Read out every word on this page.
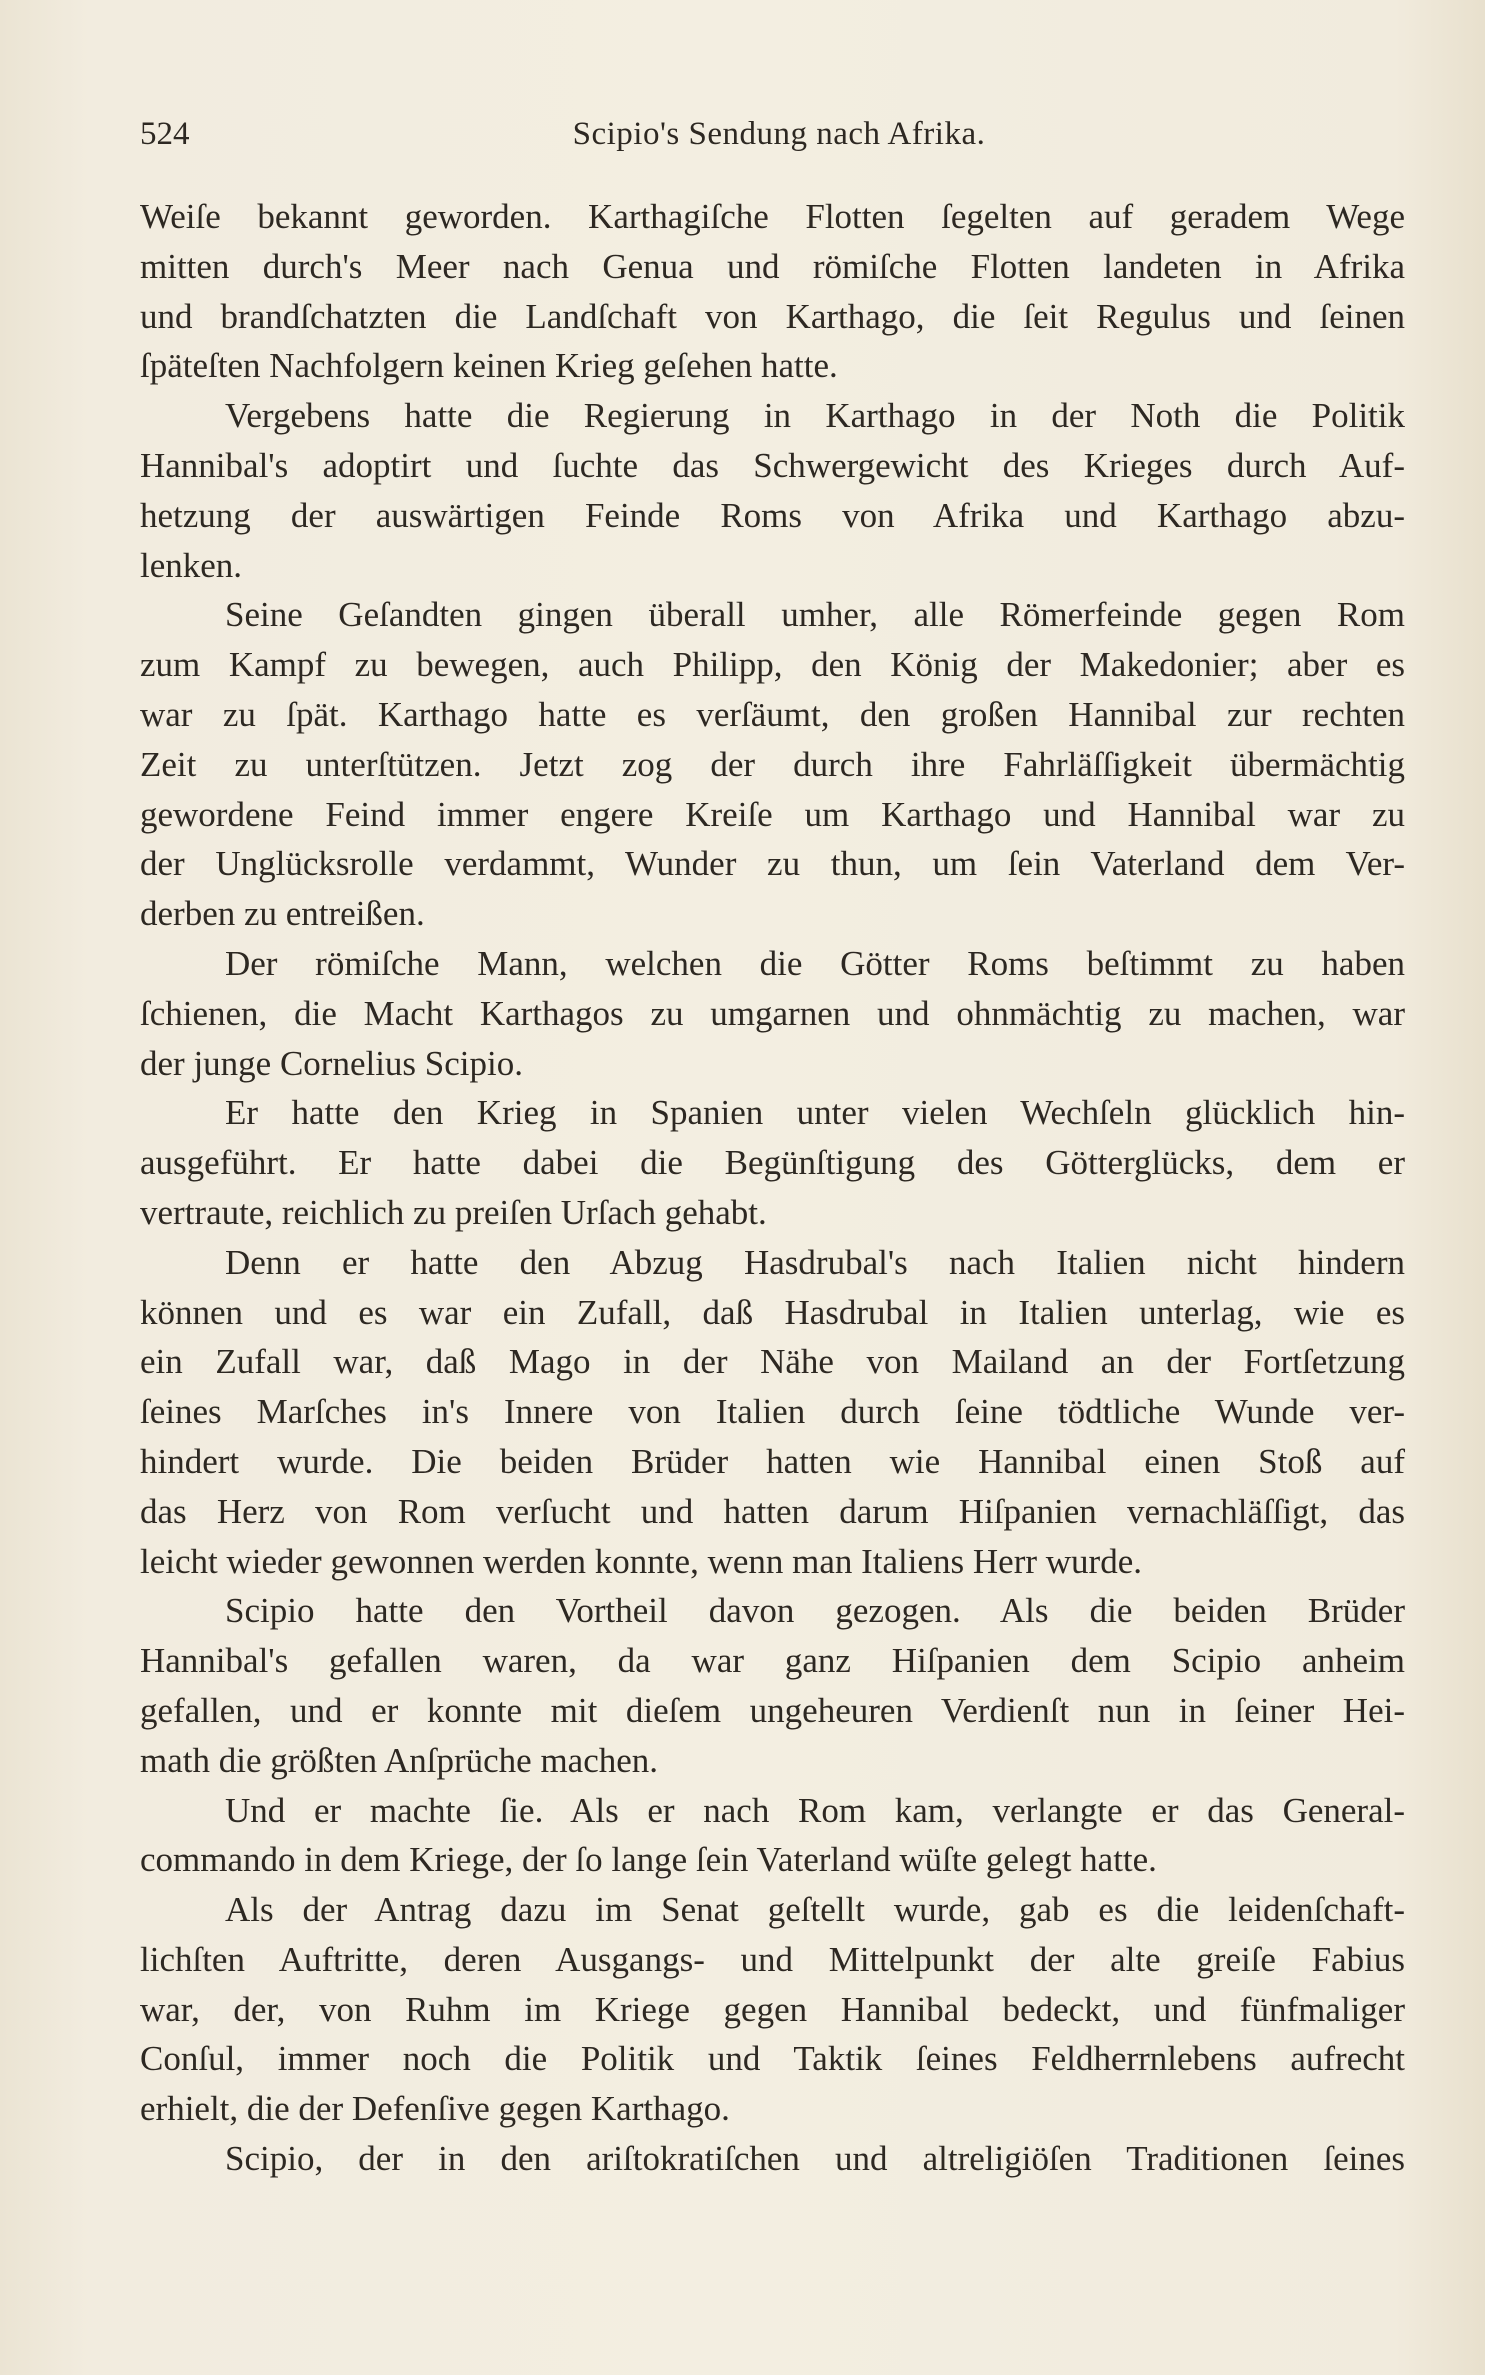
524	Scipio's Sendung nach Afrika.
Weiſe bekannt geworden. Karthagiſche Flotten ſegelten auf geradem Wege
mitten durch's Meer nach Genua und römiſche Flotten landeten in Afrika
und brandſchatzten die Landſchaft von Karthago, die ſeit Regulus und ſeinen
ſpäteſten Nachfolgern keinen Krieg geſehen hatte.
Vergebens hatte die Regierung in Karthago in der Noth die Politik
Hannibal's adoptirt und ſuchte das Schwergewicht des Krieges durch Auf-
hetzung der auswärtigen Feinde Roms von Afrika und Karthago abzu-
lenken.
Seine Geſandten gingen überall umher, alle Römerfeinde gegen Rom
zum Kampf zu bewegen, auch Philipp, den König der Makedonier; aber es
war zu ſpät. Karthago hatte es verſäumt, den großen Hannibal zur rechten
Zeit zu unterſtützen. Jetzt zog der durch ihre Fahrläſſigkeit übermächtig
gewordene Feind immer engere Kreiſe um Karthago und Hannibal war zu
der Unglücksrolle verdammt, Wunder zu thun, um ſein Vaterland dem Ver-
derben zu entreißen.
Der römiſche Mann, welchen die Götter Roms beſtimmt zu haben
ſchienen, die Macht Karthagos zu umgarnen und ohnmächtig zu machen, war
der junge Cornelius Scipio.
Er hatte den Krieg in Spanien unter vielen Wechſeln glücklich hin-
ausgeführt. Er hatte dabei die Begünſtigung des Götterglücks, dem er
vertraute, reichlich zu preiſen Urſach gehabt.
Denn er hatte den Abzug Hasdrubal's nach Italien nicht hindern
können und es war ein Zufall, daß Hasdrubal in Italien unterlag, wie es
ein Zufall war, daß Mago in der Nähe von Mailand an der Fortſetzung
ſeines Marſches in's Innere von Italien durch ſeine tödtliche Wunde ver-
hindert wurde. Die beiden Brüder hatten wie Hannibal einen Stoß auf
das Herz von Rom verſucht und hatten darum Hiſpanien vernachläſſigt, das
leicht wieder gewonnen werden konnte, wenn man Italiens Herr wurde.
Scipio hatte den Vortheil davon gezogen. Als die beiden Brüder
Hannibal's gefallen waren, da war ganz Hiſpanien dem Scipio anheim
gefallen, und er konnte mit dieſem ungeheuren Verdienſt nun in ſeiner Hei-
math die größten Anſprüche machen.
Und er machte ſie. Als er nach Rom kam, verlangte er das General-
commando in dem Kriege, der ſo lange ſein Vaterland wüſte gelegt hatte.
Als der Antrag dazu im Senat geſtellt wurde, gab es die leidenſchaft-
lichſten Auftritte, deren Ausgangs- und Mittelpunkt der alte greiſe Fabius
war, der, von Ruhm im Kriege gegen Hannibal bedeckt, und fünfmaliger
Conſul, immer noch die Politik und Taktik ſeines Feldherrnlebens aufrecht
erhielt, die der Defenſive gegen Karthago.
Scipio, der in den ariſtokratiſchen und altreligiöſen Traditionen ſeines
